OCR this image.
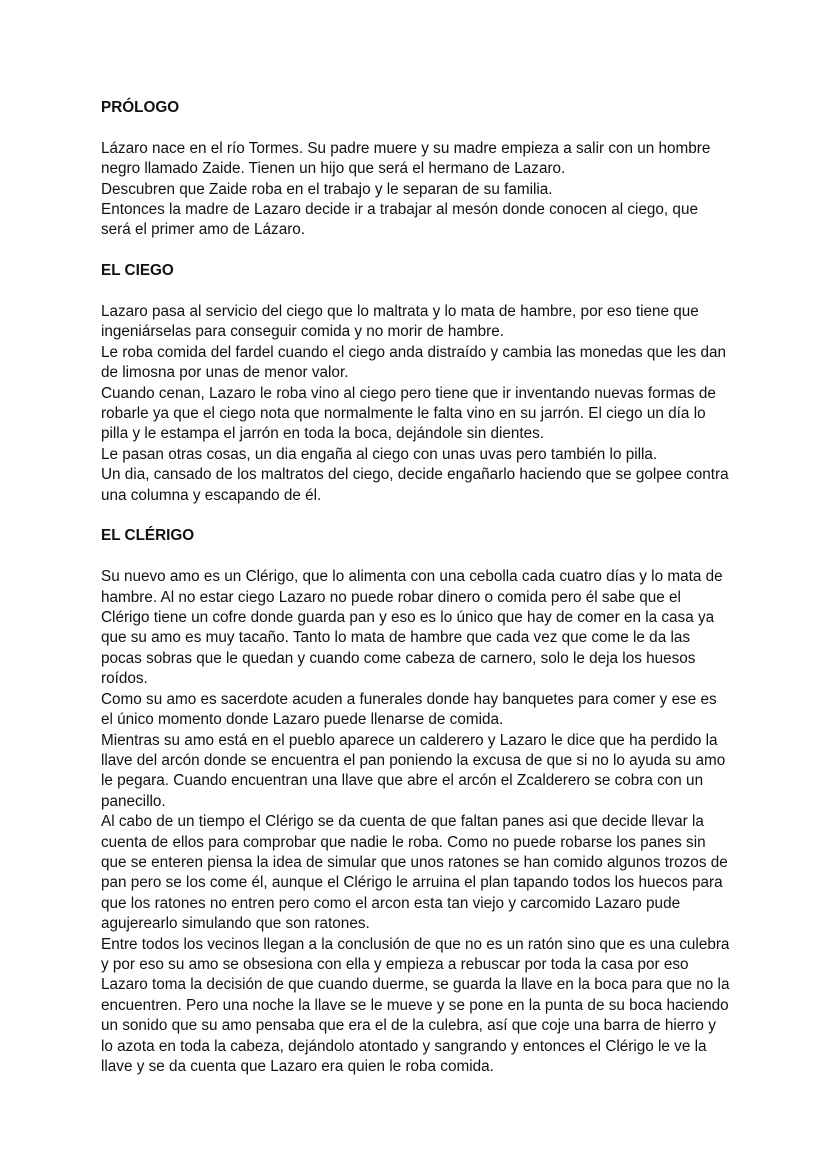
PRÓLOGO

Lázaro nace en el río Tormes. Su padre muere y su madre empieza a salir con un hombre negro llamado Zaide. Tienen un hijo que será el hermano de Lazaro.

Descubren que Zaide roba en el trabajo y le separan de su familia.

Entonces la madre de Lazaro decide ir a trabajar al mesón donde conocen al ciego, que será el primer amo de Lázaro.

EL CIEGO

Lazaro pasa al servicio del ciego que lo maltrata y lo mata de hambre, por eso tiene que ingeniárselas para conseguir comida y no morir de hambre.

Le roba comida del fardel cuando el ciego anda distraído y cambia las monedas que les dan de limosna por unas de menor valor.

Cuando cenan, Lazaro le roba vino al ciego pero tiene que ir inventando nuevas formas de robarle ya que el ciego nota que normalmente le falta vino en su jarrón. El ciego un día lo pilla y le estampa el jarrón en toda la boca, dejándole sin dientes.

Le pasan otras cosas, un dia engaña al ciego con unas uvas pero también lo pilla.

Un dia, cansado de los maltratos del ciego, decide engañarlo haciendo que se golpee contra una columna y escapando de él.

EL CLÉRIGO

Su nuevo amo es un Clérigo, que lo alimenta con una cebolla cada cuatro días y lo mata de hambre. Al no estar ciego Lazaro no puede robar dinero o comida pero él sabe que el Clérigo tiene un cofre donde guarda pan y eso es lo único que hay de comer en la casa ya que su amo es muy tacaño. Tanto lo mata de hambre que cada vez que come le da las pocas sobras que le quedan y cuando come cabeza de carnero, solo le deja los huesos roídos.

Como su amo es sacerdote acuden a funerales donde hay banquetes para comer y ese es el único momento donde Lazaro puede llenarse de comida.

Mientras su amo está en el pueblo aparece un calderero y Lazaro le dice que ha perdido la llave del arcón donde se encuentra el pan poniendo la excusa de que si no lo ayuda su amo le pegara. Cuando encuentran una llave que abre el arcón el Zcalderero se cobra con un panecillo.

Al cabo de un tiempo el Clérigo se da cuenta de que faltan panes asi que decide llevar la cuenta de ellos para comprobar que nadie le roba. Como no puede robarse los panes sin que se enteren piensa la idea de simular que unos ratones se han comido algunos trozos de pan pero se los come él, aunque el Clérigo le arruina el plan tapando todos los huecos para que los ratones no entren pero como el arcon esta tan viejo y carcomido Lazaro pude agujerearlo simulando que son ratones.

Entre todos los vecinos llegan a la conclusión de que no es un ratón sino que es una culebra y por eso su amo se obsesiona con ella y empieza a rebuscar por toda la casa por eso Lazaro toma la decisión de que cuando duerme, se guarda la llave en la boca para que no la encuentren. Pero una noche la llave se le mueve y se pone en la punta de su boca haciendo un sonido que su amo pensaba que era el de la culebra, así que coje una barra de hierro y lo azota en toda la cabeza, dejándolo atontado y sangrando y entonces el Clérigo le ve la llave y se da cuenta que Lazaro era quien le roba comida.
